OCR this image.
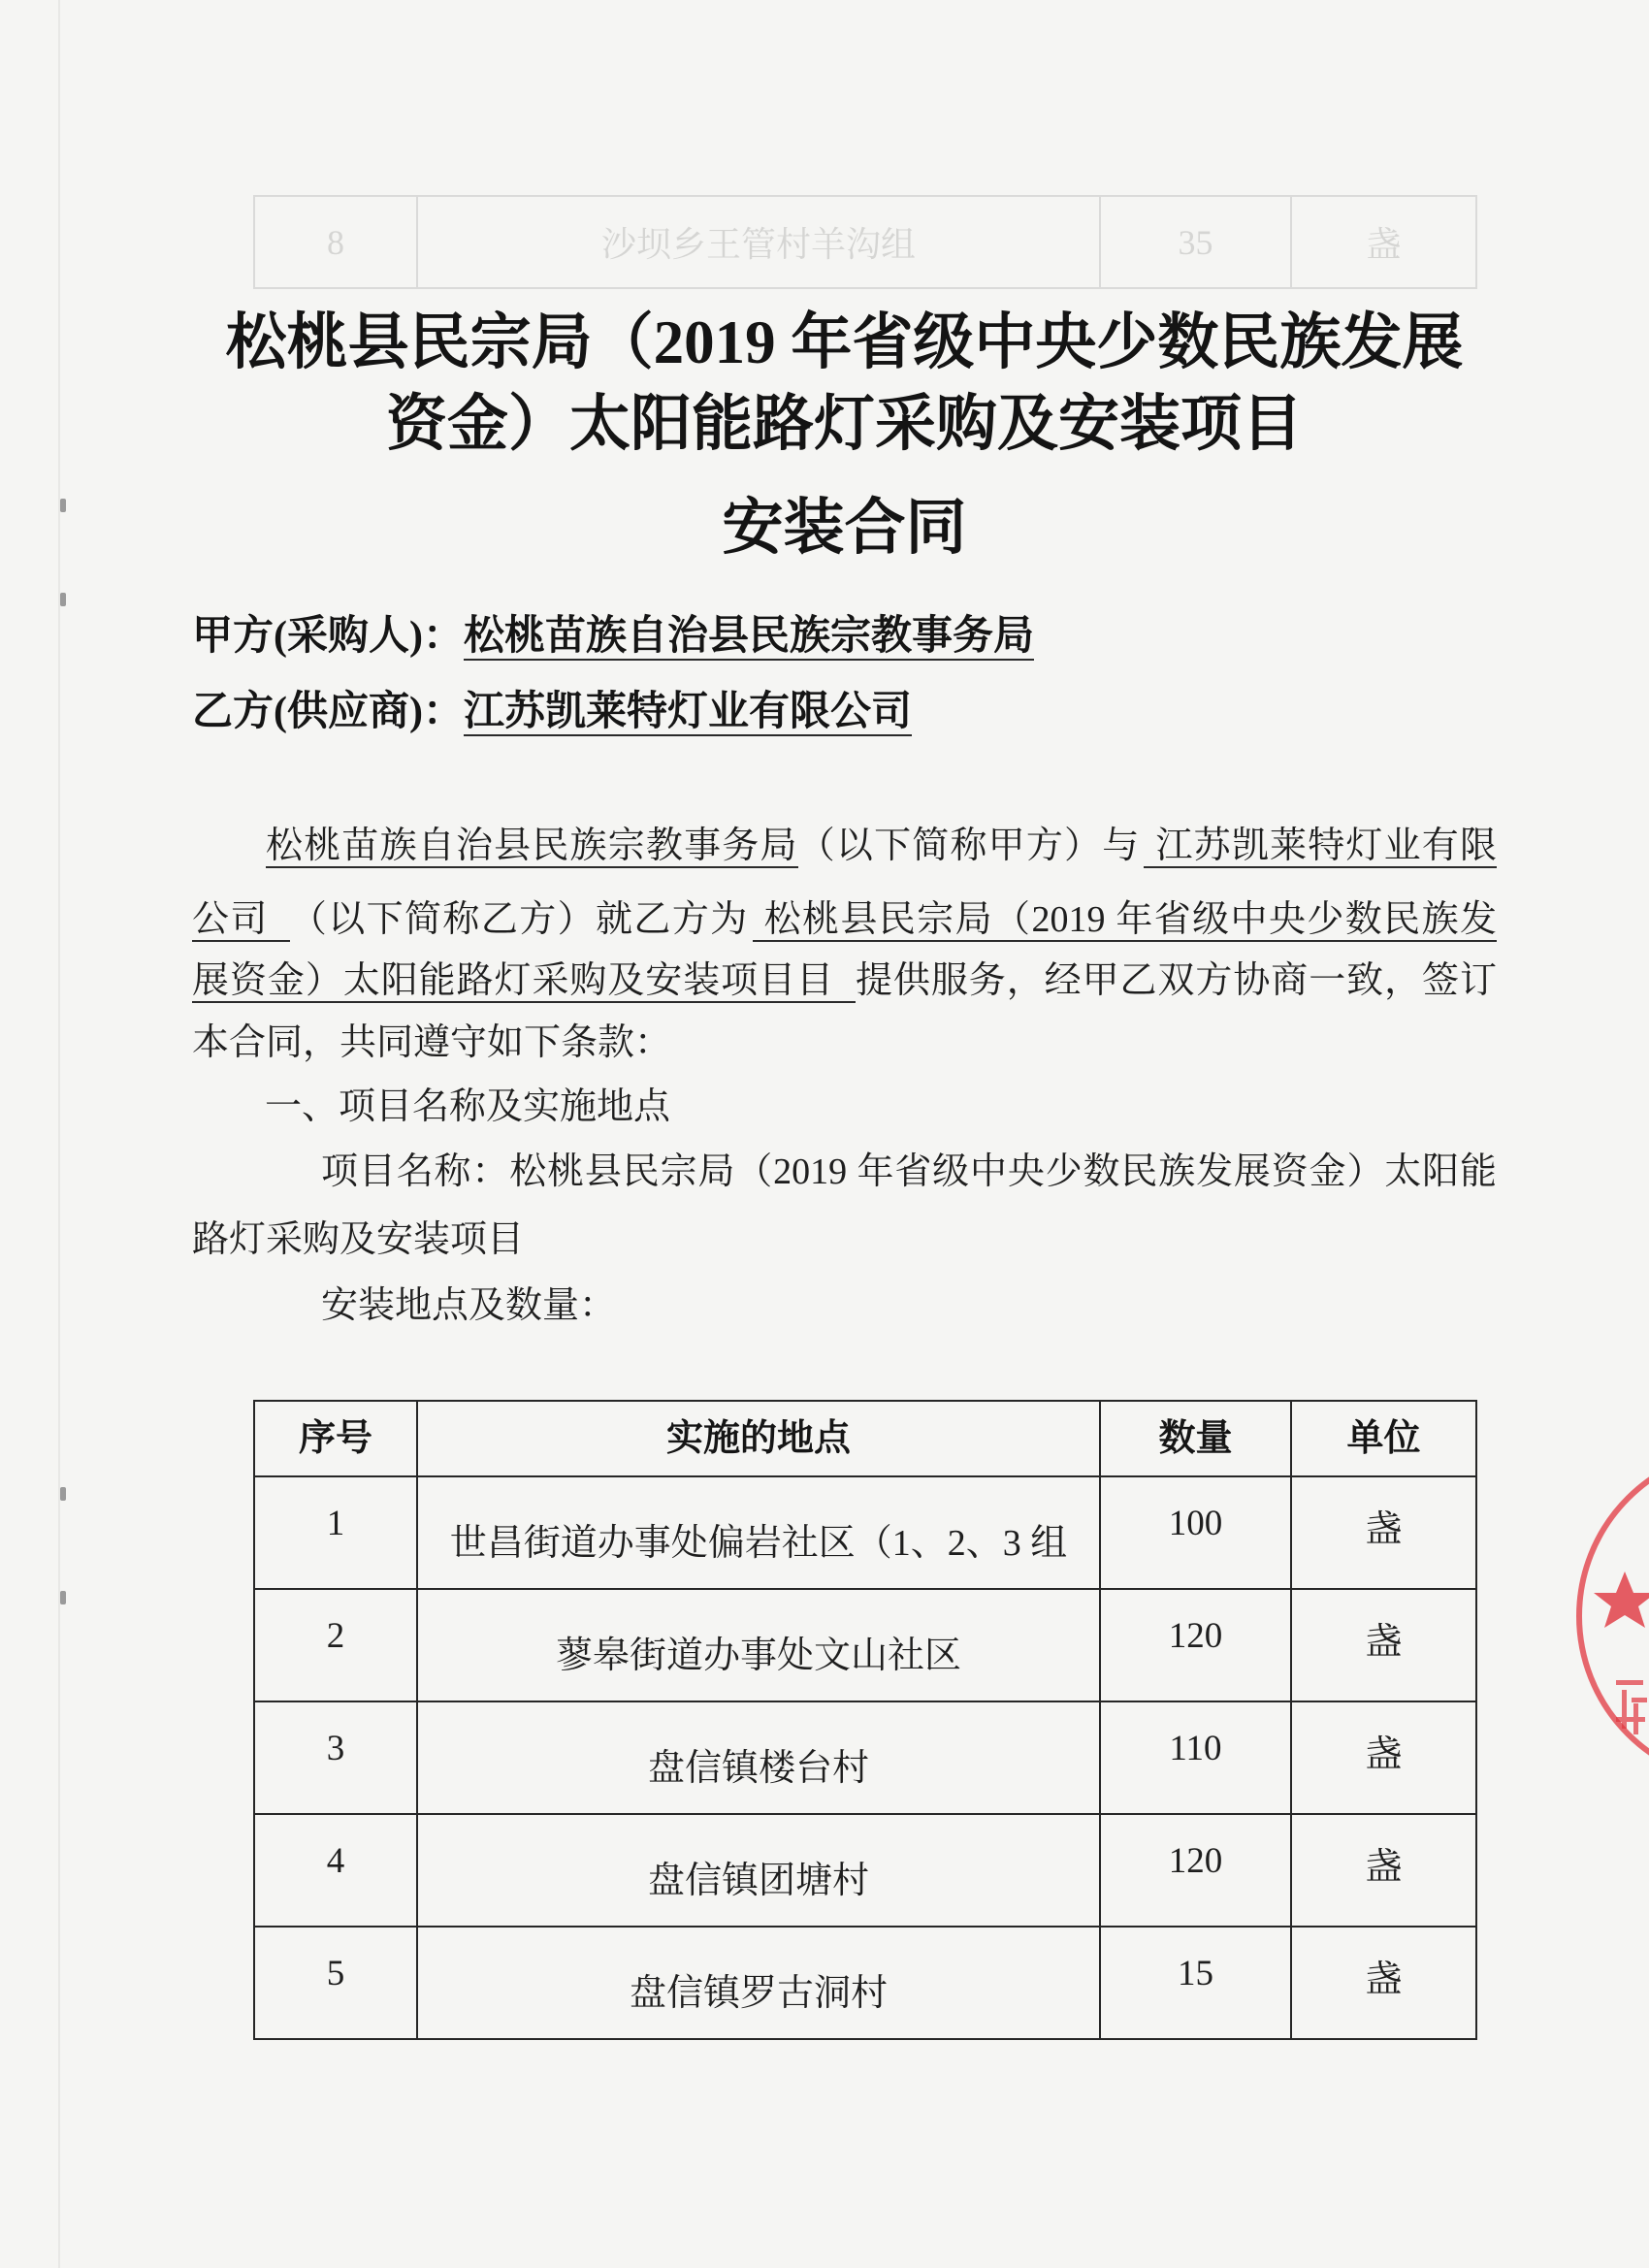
8	沙坝乡王管村羊沟组	35	盏
松桃县民宗局（2019 年省级中央少数民族发展
资金）太阳能路灯采购及安装项目
安装合同
甲方(采购人)：松桃苗族自治县民族宗教事务局
乙方(供应商)：江苏凯莱特灯业有限公司
松桃苗族自治县民族宗教事务局（以下简称甲方）与 江苏凯莱特灯业有限
公司 （以下简称乙方）就乙方为 松桃县民宗局（2019 年省级中央少数民族发
展资金）太阳能路灯采购及安装项目目 提供服务，经甲乙双方协商一致，签订
本合同，共同遵守如下条款：
一、项目名称及实施地点
项目名称：松桃县民宗局（2019 年省级中央少数民族发展资金）太阳能
路灯采购及安装项目
安装地点及数量：
序号	实施的地点	数量	单位
1	世昌街道办事处偏岩社区（1、2、3 组	100	盏
2	蓼皋街道办事处文山社区	120	盏
3	盘信镇楼台村	110	盏
4	盘信镇团塘村	120	盏
5	盘信镇罗古洞村	15	盏
